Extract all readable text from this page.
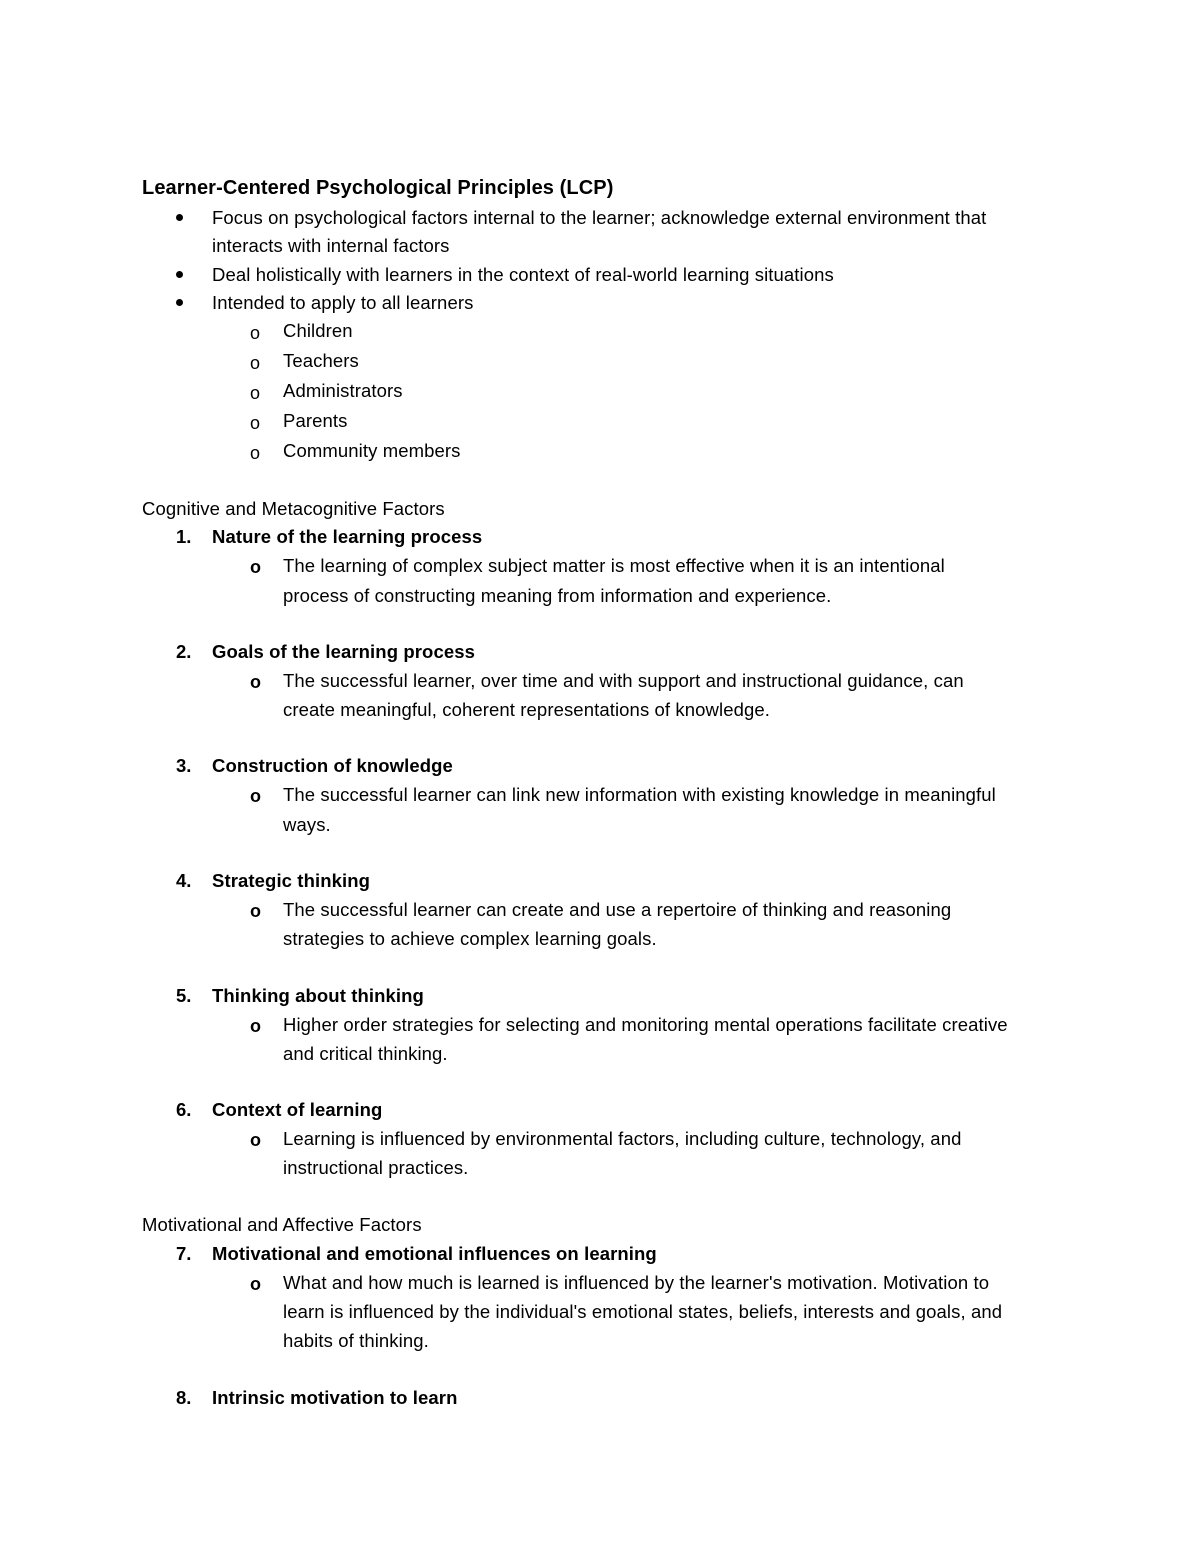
Learner-Centered Psychological Principles (LCP)
Focus on psychological factors internal to the learner; acknowledge external environment that
interacts with internal factors
Deal holistically with learners in the context of real-world learning situations
Intended to apply to all learners
o Children
o Teachers
o Administrators
o Parents
o Community members
Cognitive and Metacognitive Factors
1. Nature of the learning process
o The learning of complex subject matter is most effective when it is an intentional
process of constructing meaning from information and experience.
2. Goals of the learning process
o The successful learner, over time and with support and instructional guidance, can
create meaningful, coherent representations of knowledge.
3. Construction of knowledge
o The successful learner can link new information with existing knowledge in meaningful
ways.
4. Strategic thinking
o The successful learner can create and use a repertoire of thinking and reasoning
strategies to achieve complex learning goals.
5. Thinking about thinking
o Higher order strategies for selecting and monitoring mental operations facilitate creative
and critical thinking.
6. Context of learning
o Learning is influenced by environmental factors, including culture, technology, and
instructional practices.
Motivational and Affective Factors
7. Motivational and emotional influences on learning
o What and how much is learned is influenced by the learner's motivation. Motivation to
learn is influenced by the individual's emotional states, beliefs, interests and goals, and
habits of thinking.
8. Intrinsic motivation to learn
